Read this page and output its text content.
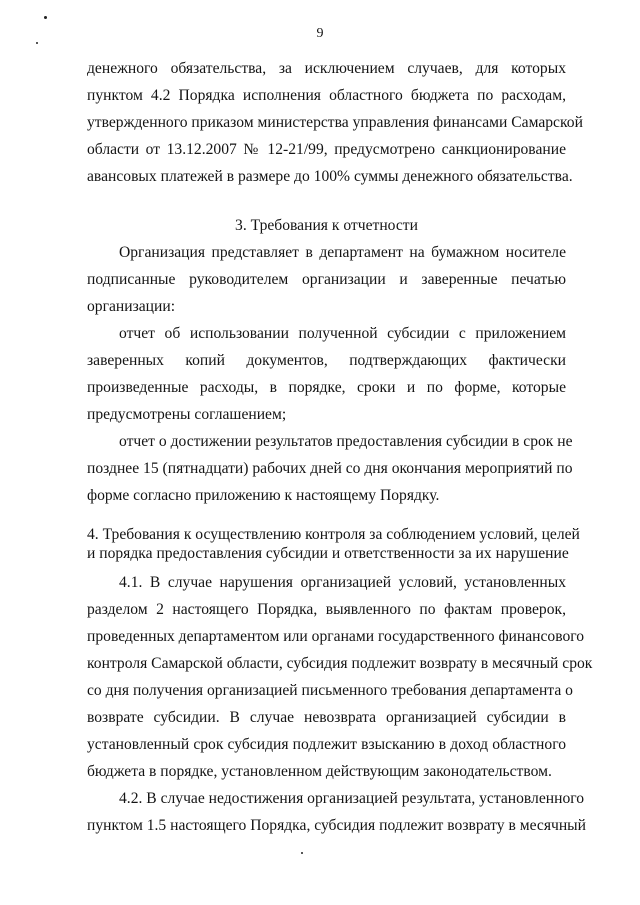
9
денежного обязательства, за исключением случаев, для которых
пунктом 4.2 Порядка исполнения областного бюджета по расходам,
утвержденного приказом министерства управления финансами Самарской
области от 13.12.2007 № 12-21/99, предусмотрено санкционирование
авансовых платежей в размере до 100% суммы денежного обязательства.
3. Требования к отчетности
Организация представляет в департамент на бумажном носителе
подписанные руководителем организации и заверенные печатью
организации:
отчет об использовании полученной субсидии с приложением
заверенных копий документов, подтверждающих фактически
произведенные расходы, в порядке, сроки и по форме, которые
предусмотрены соглашением;
отчет о достижении результатов предоставления субсидии в срок не
позднее 15 (пятнадцати) рабочих дней со дня окончания мероприятий по
форме согласно приложению к настоящему Порядку.
4. Требования к осуществлению контроля за соблюдением условий, целей
и порядка предоставления субсидии и ответственности за их нарушение
4.1. В случае нарушения организацией условий, установленных
разделом 2 настоящего Порядка, выявленного по фактам проверок,
проведенных департаментом или органами государственного финансового
контроля Самарской области, субсидия подлежит возврату в месячный срок
со дня получения организацией письменного требования департамента о
возврате субсидии. В случае невозврата организацией субсидии в
установленный срок субсидия подлежит взысканию в доход областного
бюджета в порядке, установленном действующим законодательством.
4.2. В случае недостижения организацией результата, установленного
пунктом 1.5 настоящего Порядка, субсидия подлежит возврату в месячный
